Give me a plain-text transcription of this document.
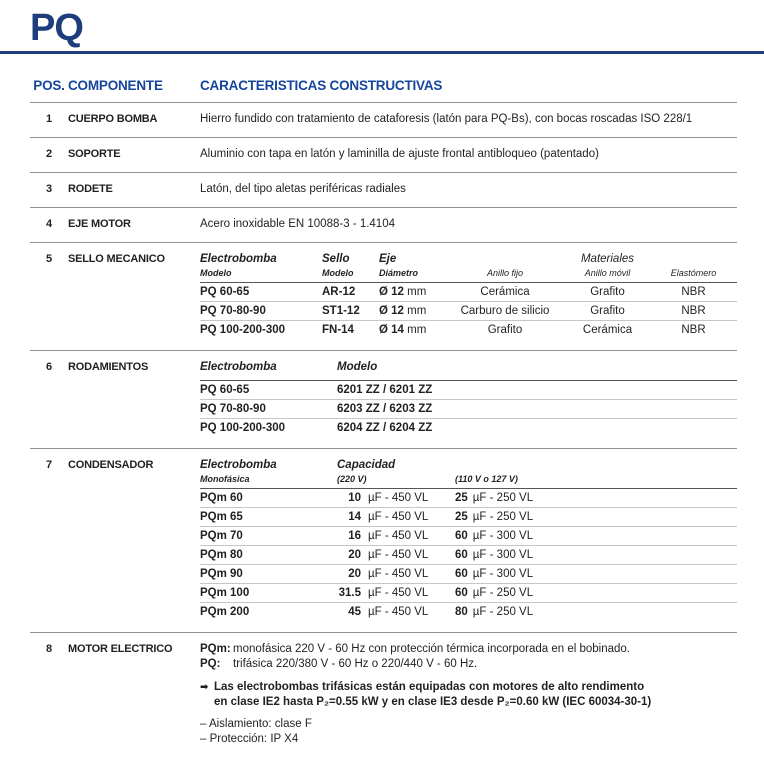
PQ
POS. COMPONENTE	CARACTERISTICAS CONSTRUCTIVAS
1	CUERPO BOMBA	Hierro fundido con tratamiento de cataforesis (latón para PQ-Bs), con bocas roscadas ISO 228/1
2	SOPORTE	Aluminio con tapa en latón y laminilla de ajuste frontal antibloqueo (patentado)
3	RODETE	Latón, del tipo aletas periféricas radiales
4	EJE MOTOR	Acero inoxidable EN 10088-3 - 1.4104
5	SELLO MECANICO	Electrobomba	Sello	Eje	Materiales
Modelo	Modelo	Diámetro	Anillo fijo	Anillo móvil	Elastómero
PQ 60-65	AR-12	Ø 12 mm	Cerámica	Grafito	NBR
PQ 70-80-90	ST1-12	Ø 12 mm	Carburo de silicio	Grafito	NBR
PQ 100-200-300	FN-14	Ø 14 mm	Grafito	Cerámica	NBR
6	RODAMIENTOS	Electrobomba	Modelo
PQ 60-65	6201 ZZ / 6201 ZZ
PQ 70-80-90	6203 ZZ / 6203 ZZ
PQ 100-200-300	6204 ZZ / 6204 ZZ
7	CONDENSADOR	Electrobomba	Capacidad
Monofásica	(220 V)	(110 V o 127 V)
PQm 60	10 µF - 450 VL	25 µF - 250 VL
PQm 65	14 µF - 450 VL	25 µF - 250 VL
PQm 70	16 µF - 450 VL	60 µF - 300 VL
PQm 80	20 µF - 450 VL	60 µF - 300 VL
PQm 90	20 µF - 450 VL	60 µF - 300 VL
PQm 100	31.5 µF - 450 VL	60 µF - 250 VL
PQm 200	45 µF - 450 VL	80 µF - 250 VL
8	MOTOR ELECTRICO	PQm: monofásica 220 V - 60 Hz con protección térmica incorporada en el bobinado.
PQ:	trifásica 220/380 V - 60 Hz o 220/440 V - 60 Hz.
➡ Las electrobombas trifásicas están equipadas con motores de alto rendimento
en clase IE2 hasta P₂=0.55 kW y en clase IE3 desde P₂=0.60 kW (IEC 60034-30-1)
– Aislamiento: clase F
– Protección: IP X4
